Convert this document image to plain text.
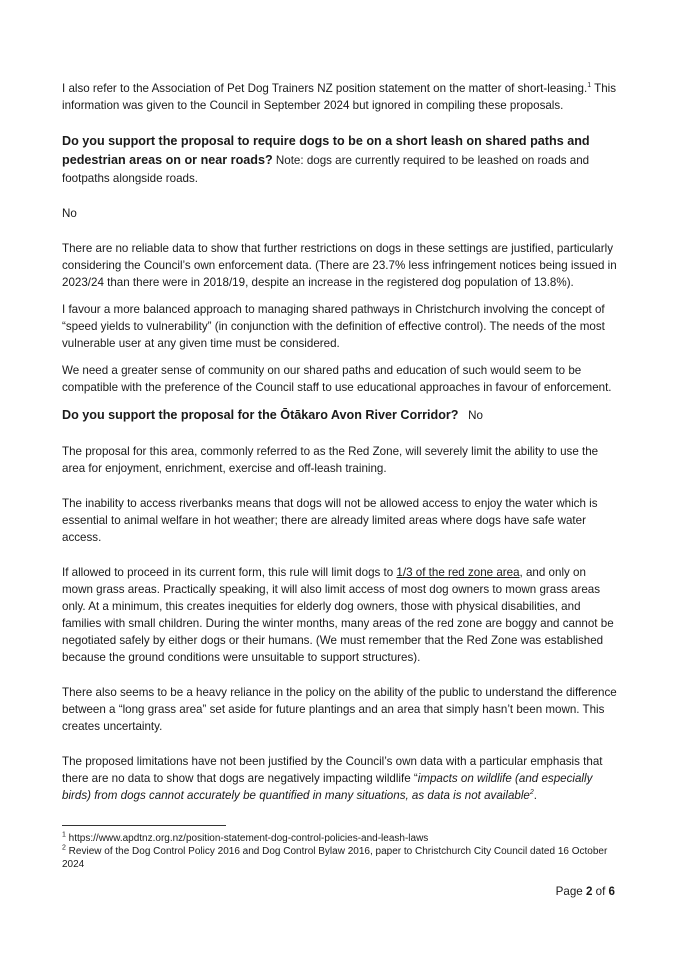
I also refer to the Association of Pet Dog Trainers NZ position statement on the matter of short-leasing.$^1$ This information was given to the Council in September 2024 but ignored in compiling these proposals.

Do you support the proposal to require dogs to be on a short leash on shared paths and pedestrian areas on or near roads? Note: dogs are currently required to be leashed on roads and footpaths alongside roads.

No

There are no reliable data to show that further restrictions on dogs in these settings are justified, particularly considering the Council’s own enforcement data. (There are 23.7% less infringement notices being issued in 2023/24 than there were in 2018/19, despite an increase in the registered dog population of 13.8%).

I favour a more balanced approach to managing shared pathways in Christchurch involving the concept of “speed yields to vulnerability” (in conjunction with the definition of effective control). The needs of the most vulnerable user at any given time must be considered.

We need a greater sense of community on our shared paths and education of such would seem to be compatible with the preference of the Council staff to use educational approaches in favour of enforcement.

Do you support the proposal for the Ōtākaro Avon River Corridor? No

The proposal for this area, commonly referred to as the Red Zone, will severely limit the ability to use the area for enjoyment, enrichment, exercise and off-leash training.

The inability to access riverbanks means that dogs will not be allowed access to enjoy the water which is essential to animal welfare in hot weather; there are already limited areas where dogs have safe water access.

If allowed to proceed in its current form, this rule will limit dogs to 1/3 of the red zone area, and only on mown grass areas. Practically speaking, it will also limit access of most dog owners to mown grass areas only. At a minimum, this creates inequities for elderly dog owners, those with physical disabilities, and families with small children. During the winter months, many areas of the red zone are boggy and cannot be negotiated safely by either dogs or their humans. (We must remember that the Red Zone was established because the ground conditions were unsuitable to support structures).

There also seems to be a heavy reliance in the policy on the ability of the public to understand the difference between a “long grass area” set aside for future plantings and an area that simply hasn’t been mown. This creates uncertainty.

The proposed limitations have not been justified by the Council’s own data with a particular emphasis that there are no data to show that dogs are negatively impacting wildlife “impacts on wildlife (and especially birds) from dogs cannot accurately be quantified in many situations, as data is not available$^2$.

$^1$ https://www.apdtnz.org.nz/position-statement-dog-control-policies-and-leash-laws
$^2$ Review of the Dog Control Policy 2016 and Dog Control Bylaw 2016, paper to Christchurch City Council dated 16 October 2024
Page 2 of 6
